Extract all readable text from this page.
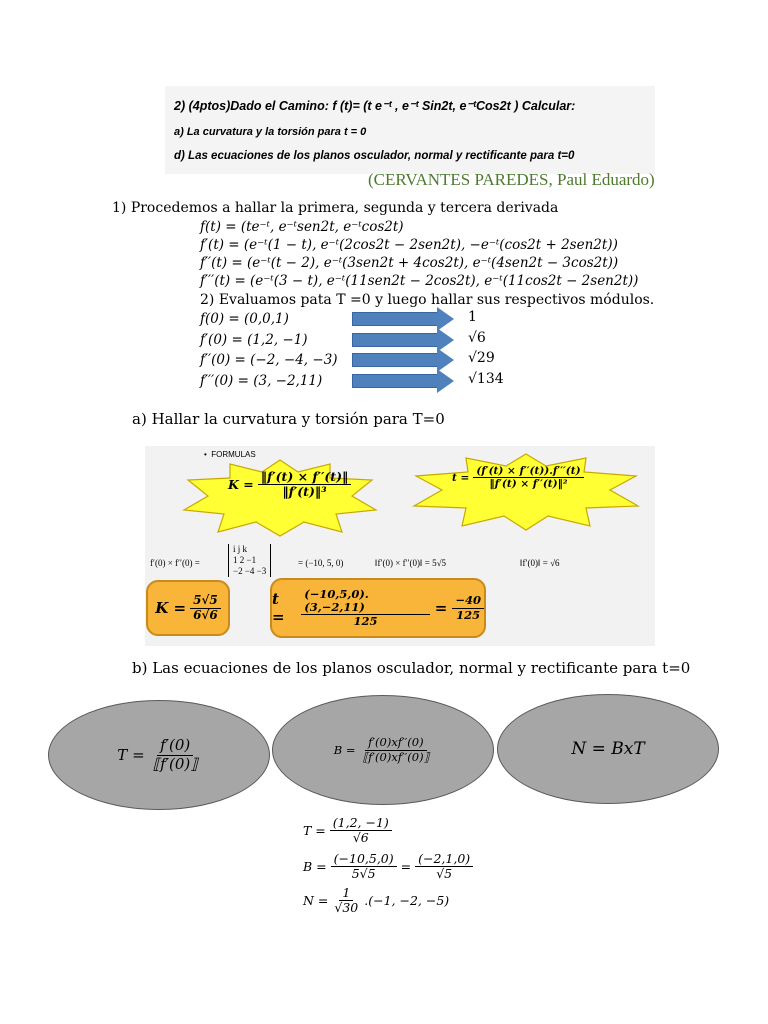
2) (4ptos)Dado el Camino: f (t)= (t e⁻ᵗ , e⁻ᵗ Sin2t, e⁻ᵗCos2t ) Calcular:
a) La curvatura y la torsión para t = 0
d) Las ecuaciones de los planos osculador, normal y rectificante para t=0
(CERVANTES PAREDES, Paul Eduardo)
1) Procedemos a hallar la primera, segunda y tercera derivada
f(t) = (te⁻ᵗ, e⁻ᵗsen2t, e⁻ᵗcos2t)
f′(t) = (e⁻ᵗ(1 − t), e⁻ᵗ(2cos2t − 2sen2t), −e⁻ᵗ(cos2t + 2sen2t))
f′′(t) = (e⁻ᵗ(t − 2), e⁻ᵗ(3sen2t + 4cos2t), e⁻ᵗ(4sen2t − 3cos2t))
f′′′(t) = (e⁻ᵗ(3 − t), e⁻ᵗ(11sen2t − 2cos2t), e⁻ᵗ(11cos2t − 2sen2t))
2) Evaluamos pata T =0 y luego hallar sus respectivos módulos.
f(0) = (0,0,1)	1
f′(0) = (1,2, −1)	√6
f′′(0) = (−2, −4, −3)	√29
f′′′(0) = (3, −2,11)	√134
a) Hallar la curvatura y torsión para T=0
•  FORMULAS
$K = \frac{‖f'(t) \times f''(t)‖}{\text{‖f′(t)‖³}}$	$t = \frac{(f'(t) \times f''(t)).f'''(t)}{\text{‖f′(t) × f′′(t)‖²}}$
f′(0) × f′′(0) =
i j k
1 2 −1
−2 −4 −3
= (−10, 5, 0)	‖f′(0) × f′′(0)‖ = 5√5	‖f′(0)‖ = √6
$K = \frac{5√5}{6√6}$	t =	$\frac{(-10,5,0).(3,-2,11)}{125} = \frac{-40}{125}$
b) Las ecuaciones de los planos osculador, normal y rectificante para t=0
$T = \frac{f'(0)}{⟦f'(0)⟧}$	$B = \frac{f'(0)xf''(0)}{⟦f'(0)xf''(0)⟧}$	N = BxT
$T = \frac{(1,2, -1)}{√6}$
$B = \frac{(-10,5,0)}{5√5} = \frac{(-2,1,0)}{√5}$
$N = \frac{1}{√30} .(-1$, −2, −5)
